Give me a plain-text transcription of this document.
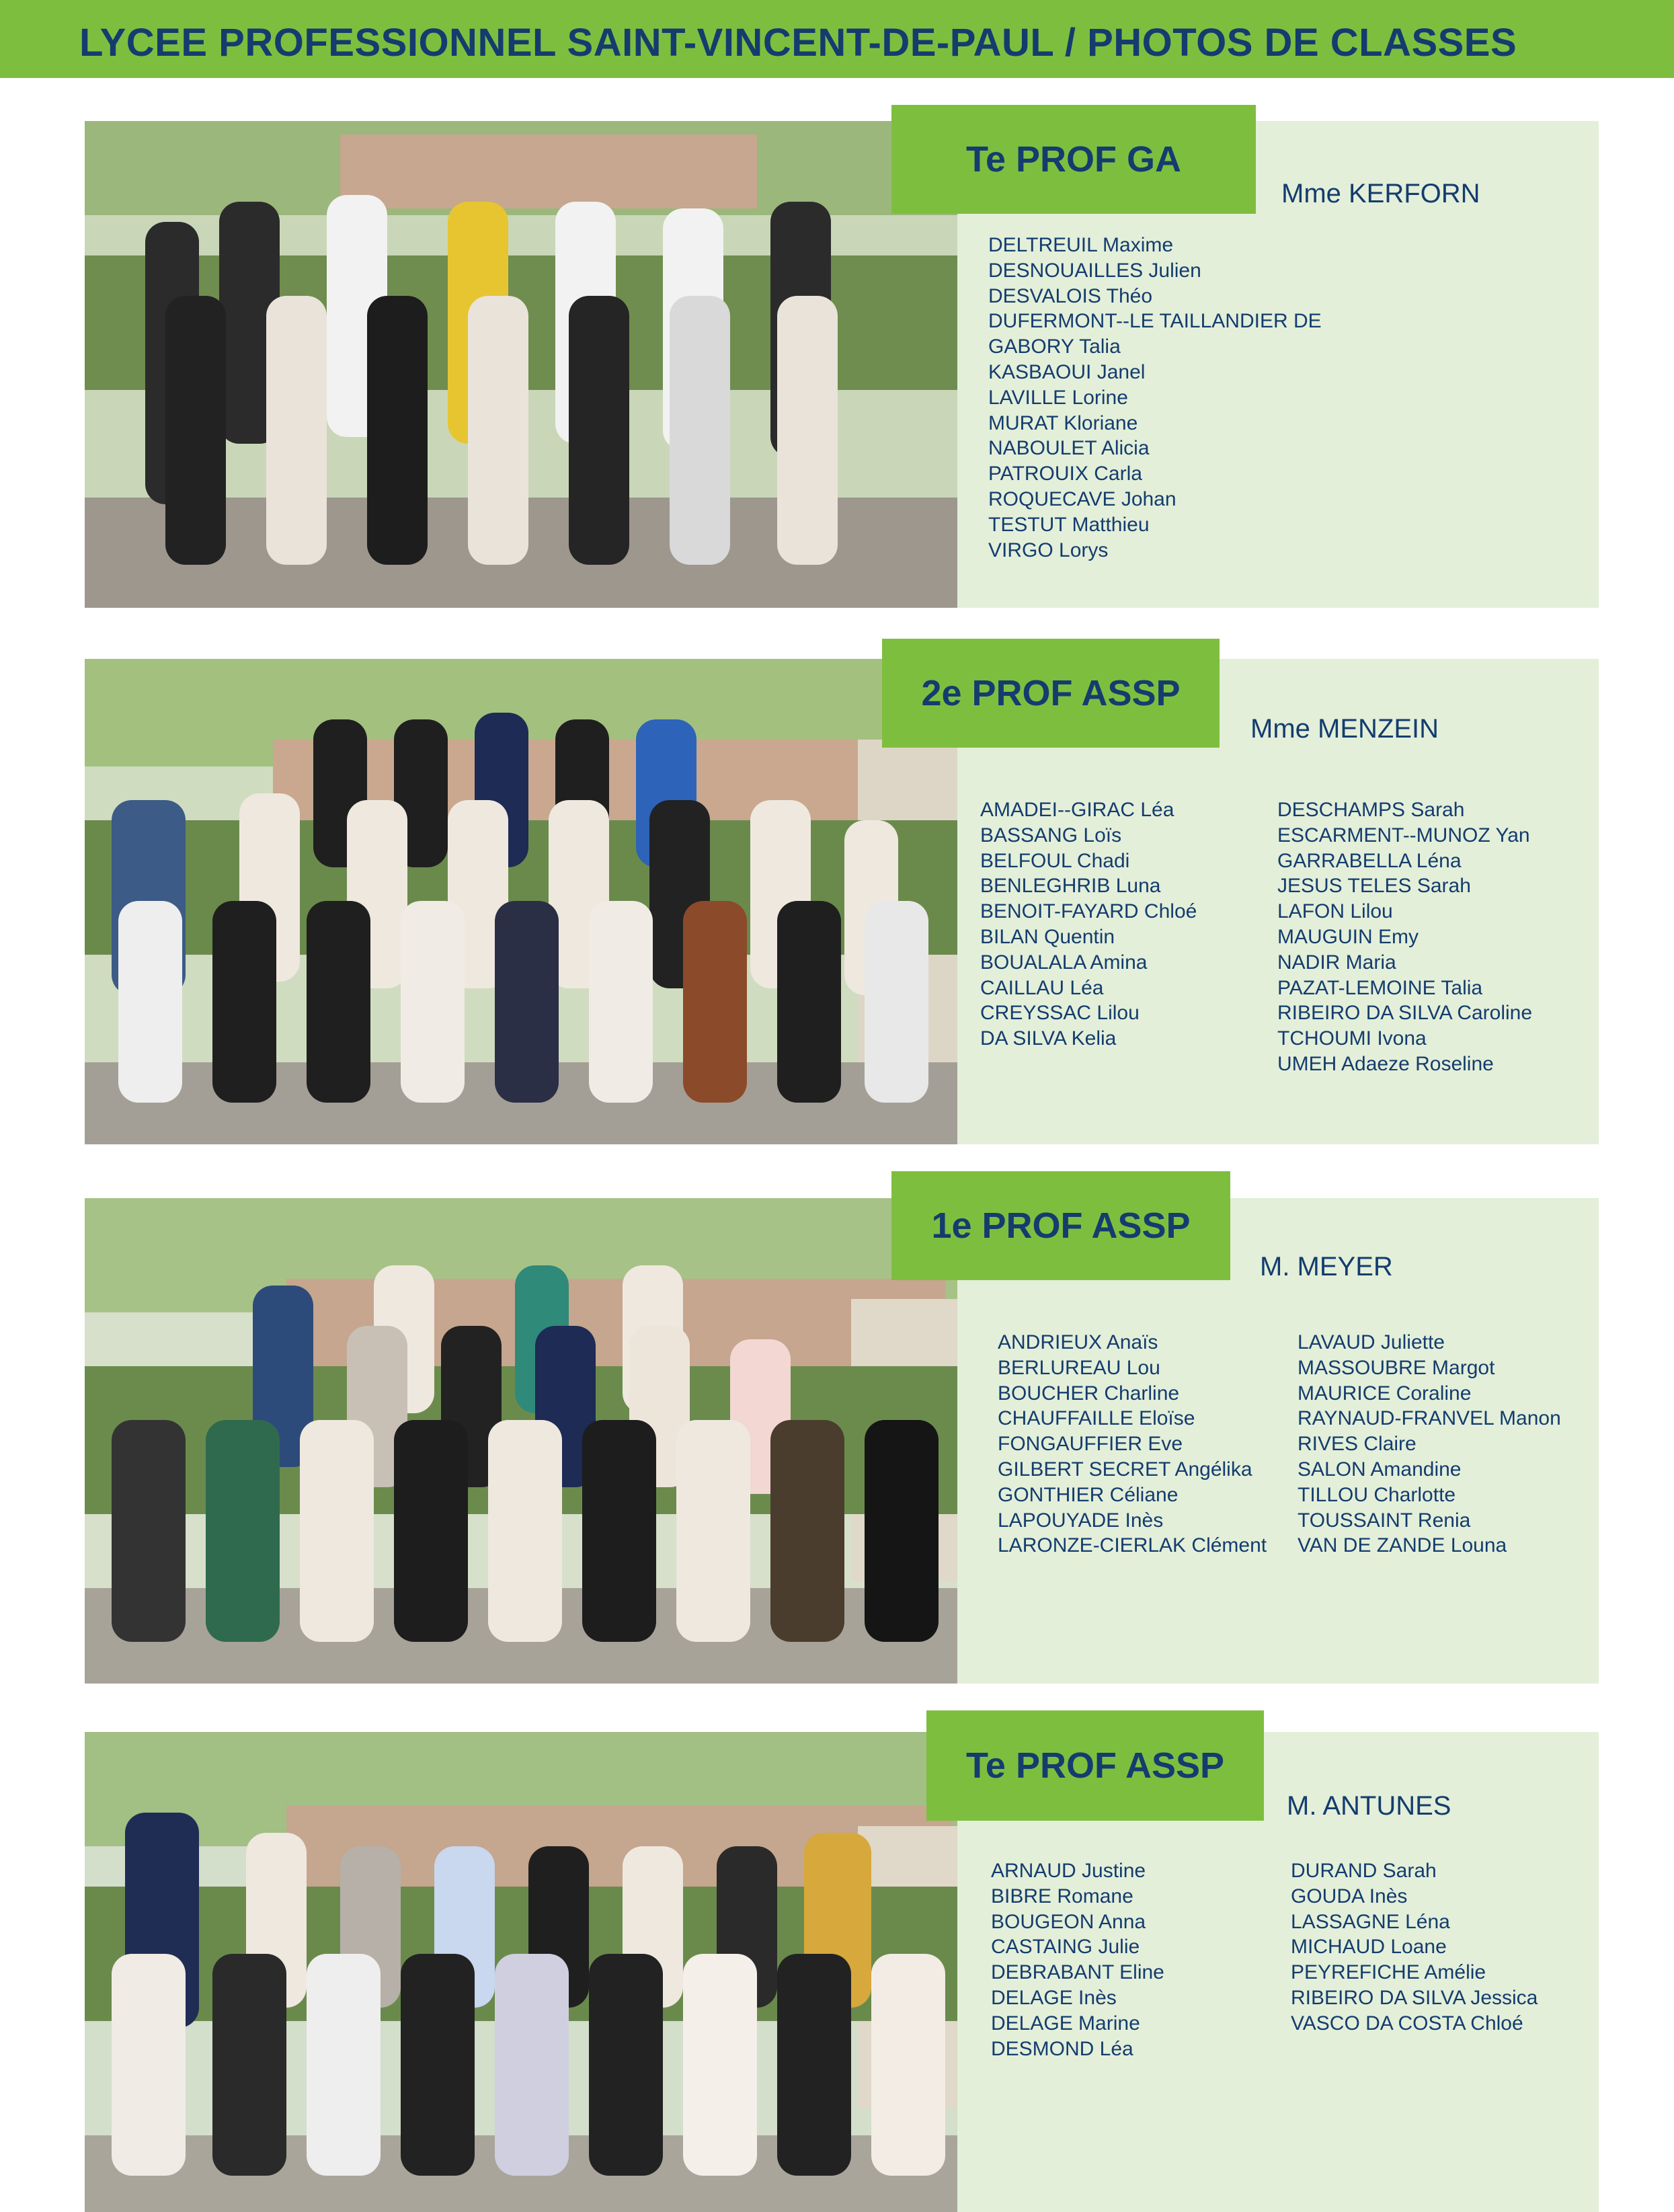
LYCEE PROFESSIONNEL SAINT-VINCENT-DE-PAUL / PHOTOS DE CLASSES
Mme KERFORN
DELTREUIL Maxime
DESNOUAILLES Julien
DESVALOIS Théo
DUFERMONT--LE TAILLANDIER DE
GABORY Talia
KASBAOUI Janel
LAVILLE Lorine
MURAT Kloriane
NABOULET Alicia
PATROUIX Carla
ROQUECAVE Johan
TESTUT Matthieu
VIRGO Lorys
Te PROF GA
Mme MENZEIN
AMADEI--GIRAC Léa
BASSANG Loïs
BELFOUL Chadi
BENLEGHRIB Luna
BENOIT-FAYARD Chloé
BILAN Quentin
BOUALALA Amina
CAILLAU Léa
CREYSSAC Lilou
DA SILVA Kelia
DESCHAMPS Sarah
ESCARMENT--MUNOZ Yan
GARRABELLA Léna
JESUS TELES Sarah
LAFON Lilou
MAUGUIN Emy
NADIR Maria
PAZAT-LEMOINE Talia
RIBEIRO DA SILVA Caroline
TCHOUMI Ivona
UMEH Adaeze Roseline
2e PROF ASSP
M. MEYER
ANDRIEUX Anaïs
BERLUREAU Lou
BOUCHER Charline
CHAUFFAILLE Eloïse
FONGAUFFIER Eve
GILBERT SECRET Angélika
GONTHIER Céliane
LAPOUYADE Inès
LARONZE-CIERLAK Clément
LAVAUD Juliette
MASSOUBRE Margot
MAURICE Coraline
RAYNAUD-FRANVEL Manon
RIVES Claire
SALON Amandine
TILLOU Charlotte
TOUSSAINT Renia
VAN DE ZANDE Louna
1e PROF ASSP
M. ANTUNES
ARNAUD Justine
BIBRE Romane
BOUGEON Anna
CASTAING Julie
DEBRABANT Eline
DELAGE Inès
DELAGE Marine
DESMOND Léa
DURAND Sarah
GOUDA Inès
LASSAGNE Léna
MICHAUD Loane
PEYREFICHE Amélie
RIBEIRO DA SILVA Jessica
VASCO DA COSTA Chloé
Te PROF ASSP
